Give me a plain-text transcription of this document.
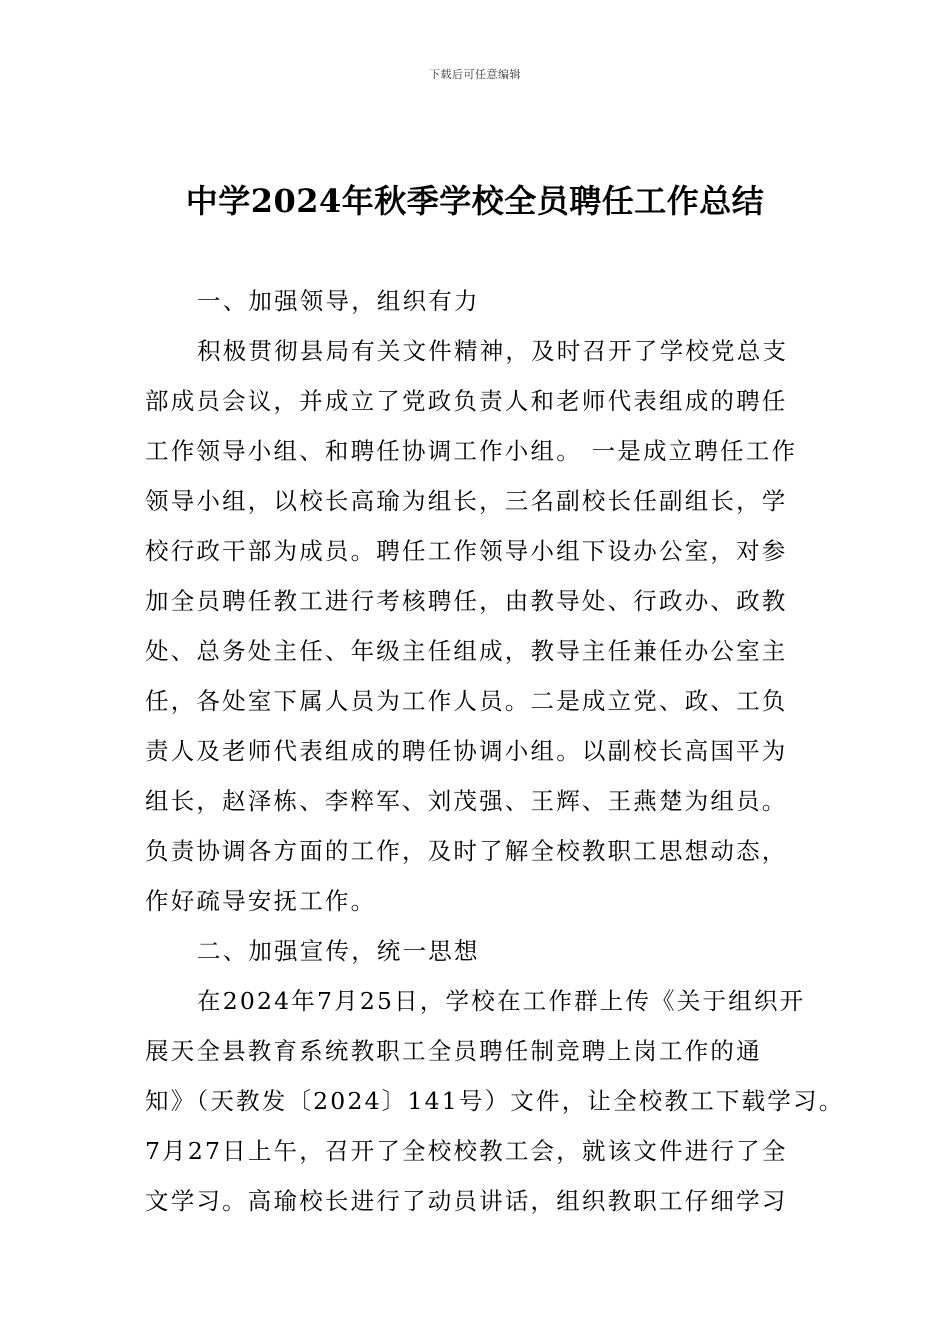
下载后可任意编辑
中学2024年秋季学校全员聘任工作总结
一、加强领导，组织有力
积极贯彻县局有关文件精神，及时召开了学校党总支
部成员会议，并成立了党政负责人和老师代表组成的聘任
工作领导小组、和聘任协调工作小组。 一是成立聘任工作
领导小组，以校长高瑜为组长，三名副校长任副组长，学
校行政干部为成员。聘任工作领导小组下设办公室，对参
加全员聘任教工进行考核聘任，由教导处、行政办、政教
处、总务处主任、年级主任组成，教导主任兼任办公室主
任，各处室下属人员为工作人员。二是成立党、政、工负
责人及老师代表组成的聘任协调小组。以副校长高国平为
组长，赵泽栋、李粹军、刘茂强、王辉、王燕楚为组员。
负责协调各方面的工作，及时了解全校教职工思想动态，
作好疏导安抚工作。
二、加强宣传，统一思想
在2024年7月25日，学校在工作群上传《关于组织开
展天全县教育系统教职工全员聘任制竞聘上岗工作的通
知》（天教发〔2024〕141号）文件，让全校教工下载学习。
7月27日上午，召开了全校校教工会，就该文件进行了全
文学习。高瑜校长进行了动员讲话，组织教职工仔细学习
